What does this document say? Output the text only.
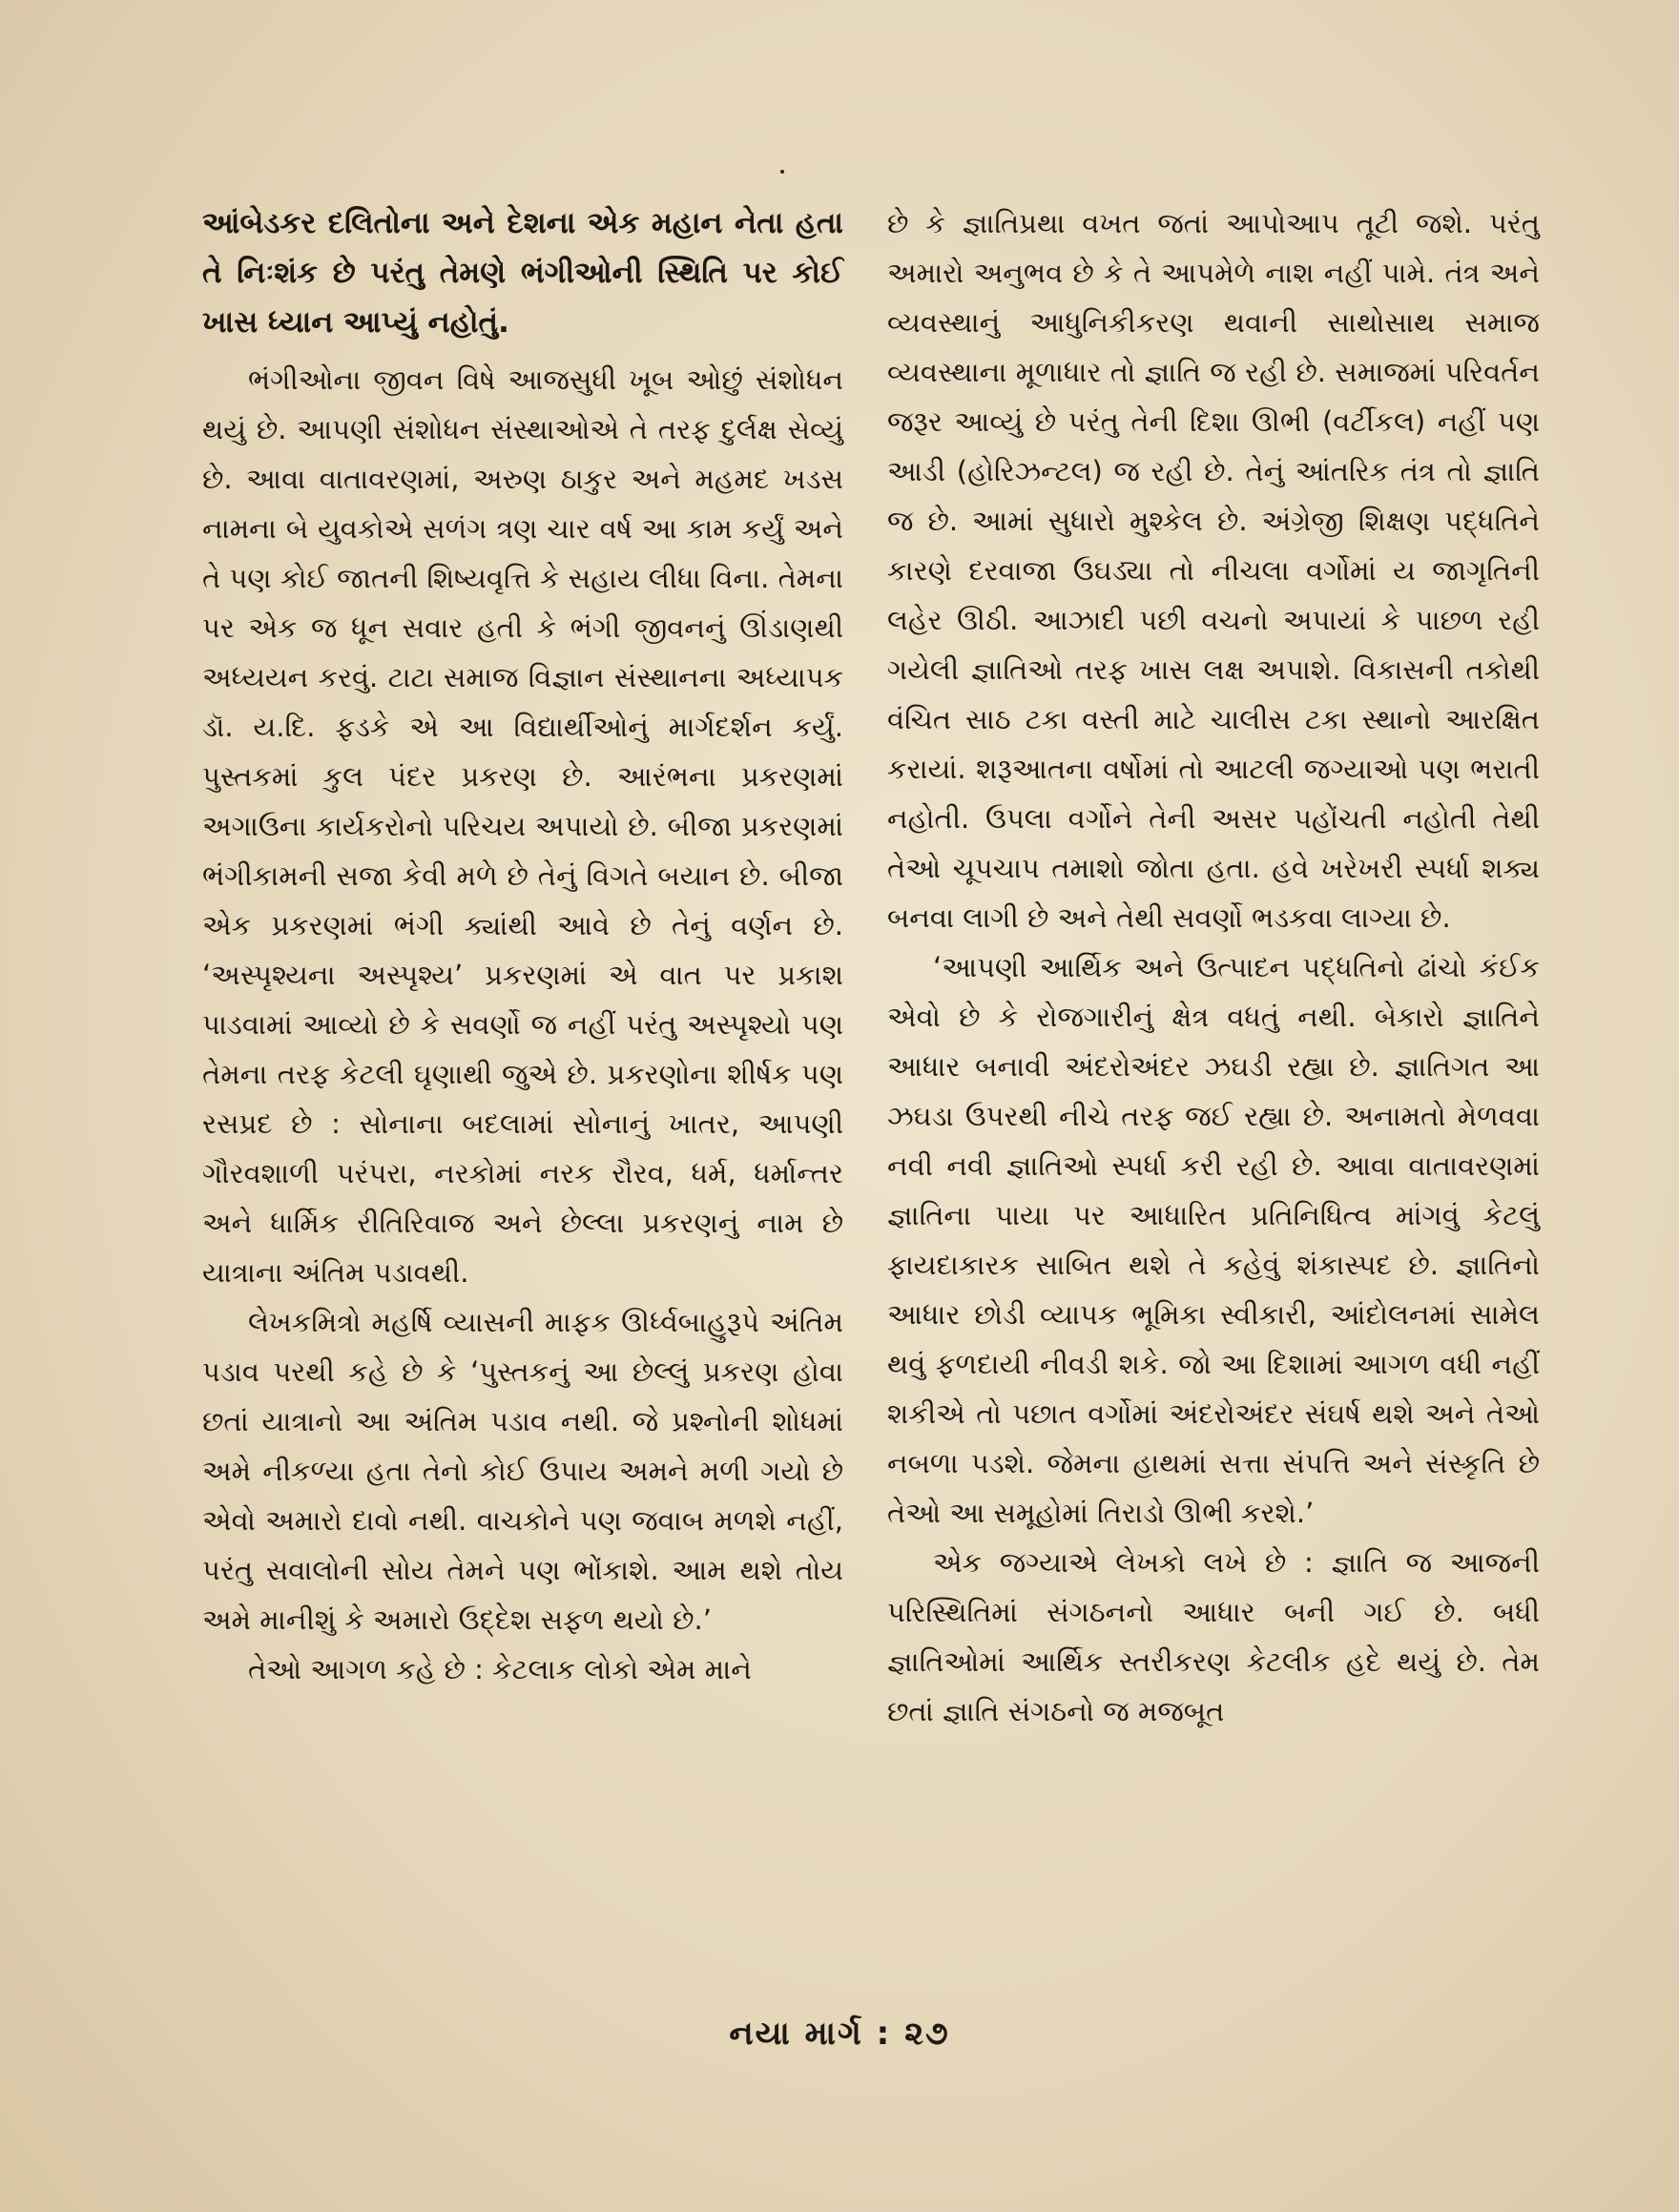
આંબેડકર દલિતોના અને દેશના એક મહાન નેતા હતા તે નિઃશંક છે પરંતુ તેમણે ભંગીઓની સ્થિતિ પર કોઈ ખાસ ધ્યાન આપ્યું નહોતું.

ભંગીઓના જીવન વિષે આજસુધી ખૂબ ઓછું સંશોધન થયું છે. આપણી સંશોધન સંસ્થાઓએ તે તરફ દુર્લક્ષ સેવ્યું છે. આવા વાતાવરણમાં, અરુણ ઠાકુર અને મહમદ ખડસ નામના બે યુવકોએ સળંગ ત્રણ ચાર વર્ષ આ કામ કર્યું અને તે પણ કોઈ જાતની શિષ્યવૃત્તિ કે સહાય લીધા વિના. તેમના પર એક જ ધૂન સવાર હતી કે ભંગી જીવનનું ઊંડાણથી અધ્યયન કરવું. ટાટા સમાજ વિજ્ઞાન સંસ્થાનના અધ્યાપક ડૉ. ય.દિ. ફડકે એ આ વિદ્યાર્થીઓનું માર્ગદર્શન કર્યું. પુસ્તકમાં કુલ પંદર પ્રકરણ છે. આરંભના પ્રકરણમાં અગાઉના કાર્યકરોનો પરિચય અપાયો છે. બીજા પ્રકરણમાં ભંગીકામની સજા કેવી મળે છે તેનું વિગતે બયાન છે. બીજા એક પ્રકરણમાં ભંગી ક્યાંથી આવે છે તેનું વર્ણન છે. ‘અસ્પૃશ્યના અસ્પૃશ્ય’ પ્રકરણમાં એ વાત પર પ્રકાશ પાડવામાં આવ્યો છે કે સવર્ણો જ નહીં પરંતુ અસ્પૃશ્યો પણ તેમના તરફ કેટલી ઘૃણાથી જુએ છે. પ્રકરણોના શીર્ષક પણ રસપ્રદ છે : સોનાના બદલામાં સોનાનું ખાતર, આપણી ગૌરવશાળી પરંપરા, નરકોમાં નરક રૌરવ, ધર્મ, ધર્માન્તર અને ધાર્મિક રીતિરિવાજ અને છેલ્લા પ્રકરણનું નામ છે યાત્રાના અંતિમ પડાવથી.

લેખકમિત્રો મહર્ષિ વ્યાસની માફક ઊર્ધ્વબાહુરૂપે અંતિમ પડાવ પરથી કહે છે કે ‘પુસ્તકનું આ છેલ્લું પ્રકરણ હોવા છતાં યાત્રાનો આ અંતિમ પડાવ નથી. જે પ્રશ્નોની શોધમાં અમે નીકળ્યા હતા તેનો કોઈ ઉપાય અમને મળી ગયો છે એવો અમારો દાવો નથી. વાચકોને પણ જવાબ મળશે નહીં, પરંતુ સવાલોની સોય તેમને પણ ભોંકાશે. આમ થશે તોય અમે માનીશું કે અમારો ઉદ્દેશ સફળ થયો છે.’

તેઓ આગળ કહે છે : કેટલાક લોકો એમ માને

છે કે જ્ઞાતિપ્રથા વખત જતાં આપોઆપ તૂટી જશે. પરંતુ અમારો અનુભવ છે કે તે આપમેળે નાશ નહીં પામે. તંત્ર અને વ્યવસ્થાનું આધુનિકીકરણ થવાની સાથોસાથ સમાજ વ્યવસ્થાના મૂળાધાર તો જ્ઞાતિ જ રહી છે. સમાજમાં પરિવર્તન જરૂર આવ્યું છે પરંતુ તેની દિશા ઊભી (વર્ટીકલ) નહીં પણ આડી (હોરિઝન્ટલ) જ રહી છે. તેનું આંતરિક તંત્ર તો જ્ઞાતિ જ છે. આમાં સુધારો મુશ્કેલ છે. અંગ્રેજી શિક્ષણ પદ્ધતિને કારણે દરવાજા ઉઘડ્યા તો નીચલા વર્ગોમાં ય જાગૃતિની લહેર ઊઠી. આઝાદી પછી વચનો અપાયાં કે પાછળ રહી ગયેલી જ્ઞાતિઓ તરફ ખાસ લક્ષ અપાશે. વિકાસની તકોથી વંચિત સાઠ ટકા વસ્તી માટે ચાલીસ ટકા સ્થાનો આરક્ષિત કરાયાં. શરૂઆતના વર્ષોમાં તો આટલી જગ્યાઓ પણ ભરાતી નહોતી. ઉપલા વર્ગોને તેની અસર પહોંચતી નહોતી તેથી તેઓ ચૂપચાપ તમાશો જોતા હતા. હવે ખરેખરી સ્પર્ધા શક્ય બનવા લાગી છે અને તેથી સવર્ણો ભડકવા લાગ્યા છે.

‘આપણી આર્થિક અને ઉત્પાદન પદ્ધતિનો ઢાંચો કંઈક એવો છે કે રોજગારીનું ક્ષેત્ર વધતું નથી. બેકારો જ્ઞાતિને આધાર બનાવી અંદરોઅંદર ઝઘડી રહ્યા છે. જ્ઞાતિગત આ ઝઘડા ઉપરથી નીચે તરફ જઈ રહ્યા છે. અનામતો મેળવવા નવી નવી જ્ઞાતિઓ સ્પર્ધા કરી રહી છે. આવા વાતાવરણમાં જ્ઞાતિના પાયા પર આધારિત પ્રતિનિધિત્વ માંગવું કેટલું ફાયદાકારક સાબિત થશે તે કહેવું શંકાસ્પદ છે. જ્ઞાતિનો આધાર છોડી વ્યાપક ભૂમિકા સ્વીકારી, આંદોલનમાં સામેલ થવું ફળદાયી નીવડી શકે. જો આ દિશામાં આગળ વધી નહીં શકીએ તો પછાત વર્ગોમાં અંદરોઅંદર સંઘર્ષ થશે અને તેઓ નબળા પડશે. જેમના હાથમાં સત્તા સંપત્તિ અને સંસ્કૃતિ છે તેઓ આ સમૂહોમાં તિરાડો ઊભી કરશે.’

એક જગ્યાએ લેખકો લખે છે : જ્ઞાતિ જ આજની પરિસ્થિતિમાં સંગઠનનો આધાર બની ગઈ છે. બધી જ્ઞાતિઓમાં આર્થિક સ્તરીકરણ કેટલીક હદે થયું છે. તેમ છતાં જ્ઞાતિ સંગઠનો જ મજબૂત

નયા માર્ગ : ૨૭
